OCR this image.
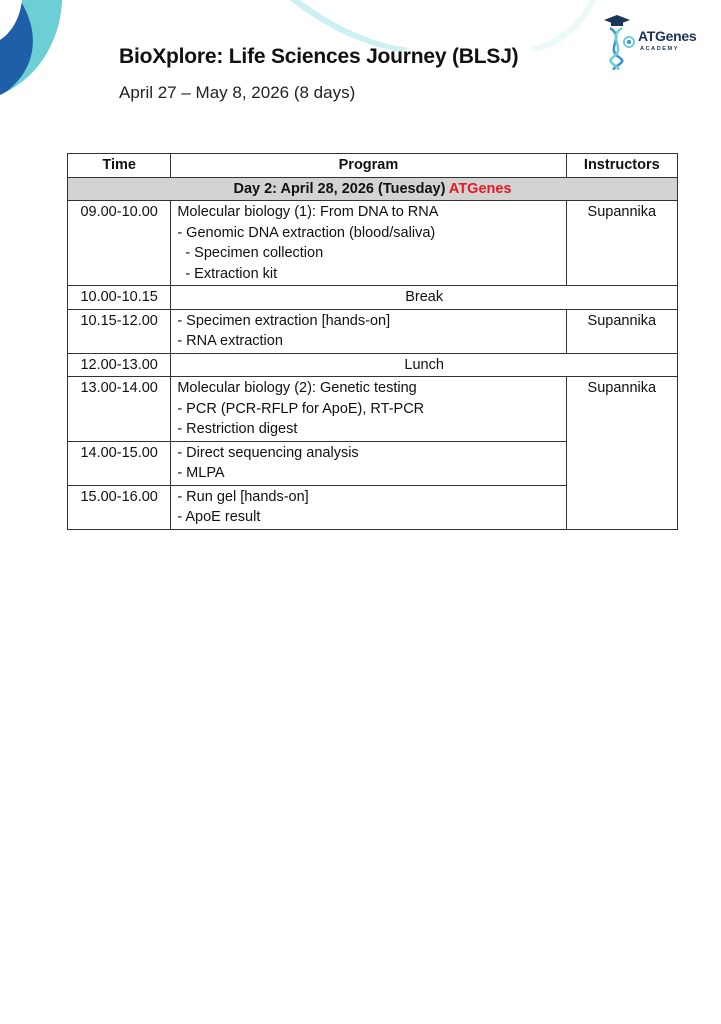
BioXplore: Life Sciences Journey (BLSJ)
April 27 – May 8, 2026 (8 days)
ATGenes
ACADEMY
Time	Program	Instructors
Day 2: April 28, 2026 (Tuesday) ATGenes		
09.00-10.00	Molecular biology (1): From DNA to RNA
- Genomic DNA extraction (blood/saliva)
- Specimen collection
- Extraction kit	Supannika
10.00-10.15	Break	
10.15-12.00	- Specimen extraction [hands-on]
- RNA extraction	Supannika
12.00-13.00	Lunch	
13.00-14.00	Molecular biology (2): Genetic testing
- PCR (PCR-RFLP for ApoE), RT-PCR
- Restriction digest	Supannika
14.00-15.00	- Direct sequencing analysis
- MLPA	

15.00-16.00	- Run gel [hands-on]
- ApoE result	
